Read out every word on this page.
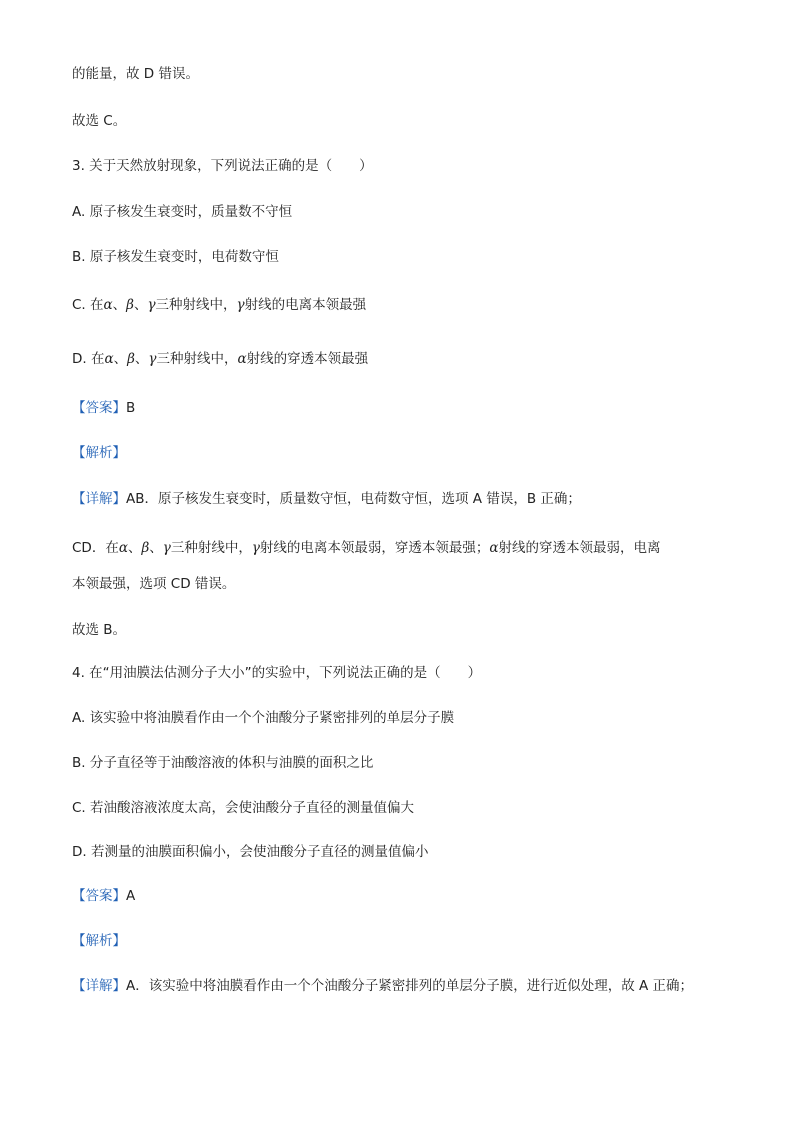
的能量，故 D 错误。
故选 C。
3. 关于天然放射现象，下列说法正确的是（　　）
A. 原子核发生衰变时，质量数不守恒
B. 原子核发生衰变时，电荷数守恒
C. 在α、β、γ三种射线中，γ射线的电离本领最强
D. 在α、β、γ三种射线中，α射线的穿透本领最强
【答案】B
【解析】
【详解】AB．原子核发生衰变时，质量数守恒，电荷数守恒，选项 A 错误，B 正确；
CD．在α、β、γ三种射线中，γ射线的电离本领最弱，穿透本领最强；α射线的穿透本领最弱，电离
本领最强，选项 CD 错误。
故选 B。
4. 在“用油膜法估测分子大小”的实验中，下列说法正确的是（　　）
A. 该实验中将油膜看作由一个个油酸分子紧密排列的单层分子膜
B. 分子直径等于油酸溶液的体积与油膜的面积之比
C. 若油酸溶液浓度太高，会使油酸分子直径的测量值偏大
D. 若测量的油膜面积偏小，会使油酸分子直径的测量值偏小
【答案】A
【解析】
【详解】A．该实验中将油膜看作由一个个油酸分子紧密排列的单层分子膜，进行近似处理，故 A 正确；
